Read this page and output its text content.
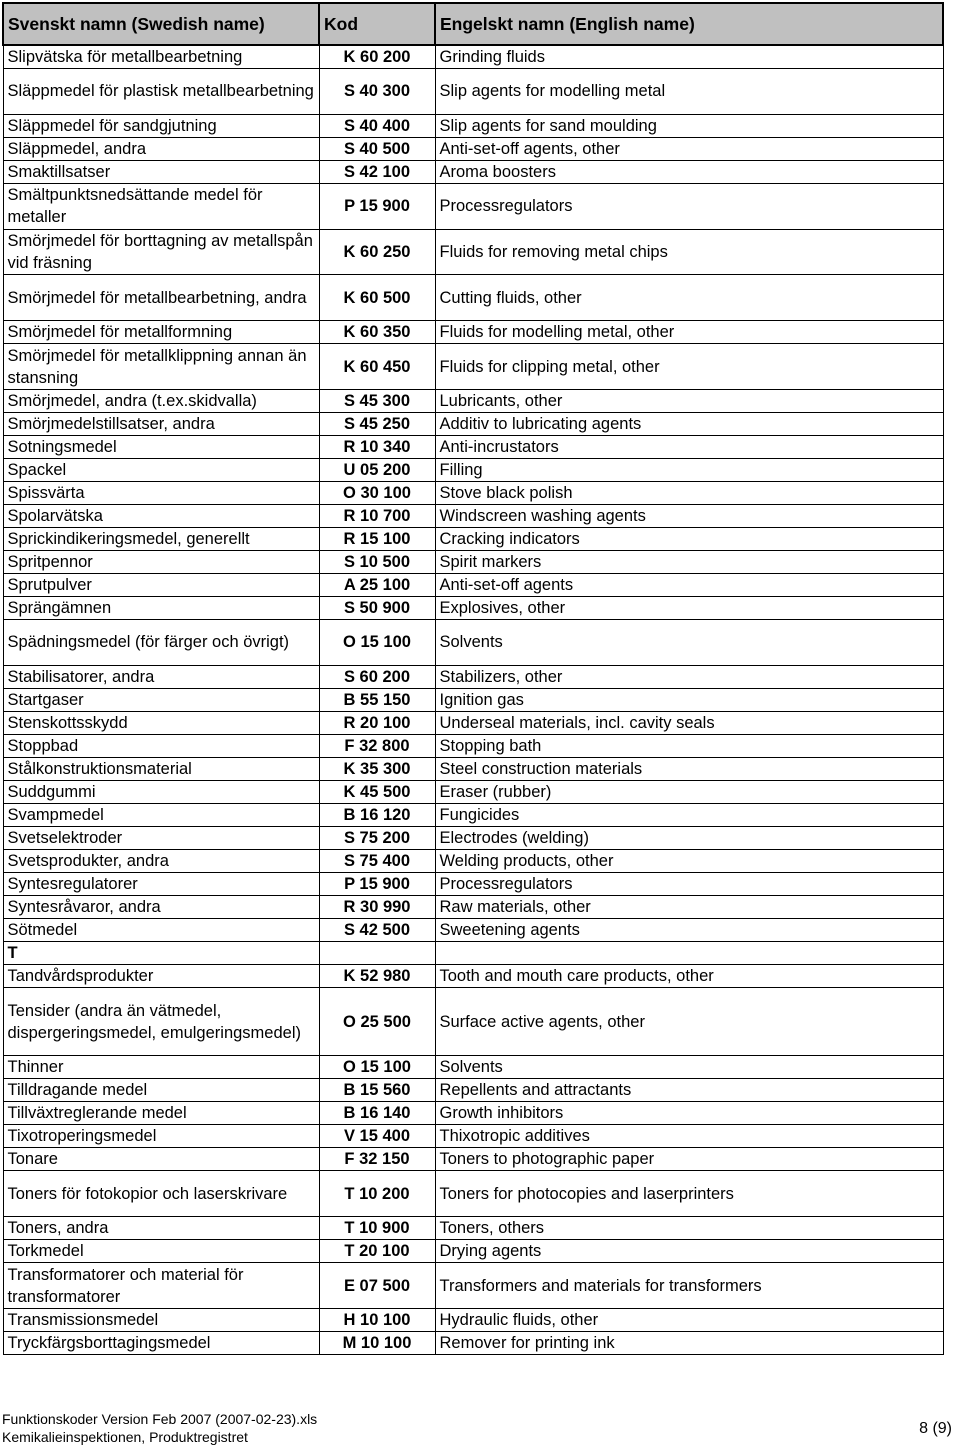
Svenskt namn (Swedish name)	Kod	Engelskt namn (English name)
Slipvätska för metallbearbetning	K 60 200	Grinding fluids
Släppmedel för plastisk metallbearbetning	S 40 300	Slip agents for modelling metal
Släppmedel för sandgjutning	S 40 400	Slip agents for sand moulding
Släppmedel, andra	S 40 500	Anti-set-off agents, other
Smaktillsatser	S 42 100	Aroma boosters
Smältpunktsnedsättande medel för metaller	P 15 900	Processregulators
Smörjmedel för borttagning av metallspån vid fräsning	K 60 250	Fluids for removing metal chips
Smörjmedel för metallbearbetning, andra	K 60 500	Cutting fluids, other
Smörjmedel för metallformning	K 60 350	Fluids for modelling metal, other
Smörjmedel för metallklippning annan än stansning	K 60 450	Fluids for clipping metal, other
Smörjmedel, andra (t.ex.skidvalla)	S 45 300	Lubricants, other
Smörjmedelstillsatser, andra	S 45 250	Additiv to lubricating agents
Sotningsmedel	R 10 340	Anti-incrustators
Spackel	U 05 200	Filling
Spissvärta	O 30 100	Stove black polish
Spolarvätska	R 10 700	Windscreen washing agents
Sprickindikeringsmedel, generellt	R 15 100	Cracking indicators
Spritpennor	S 10 500	Spirit markers
Sprutpulver	A 25 100	Anti-set-off agents
Sprängämnen	S 50 900	Explosives, other
Spädningsmedel (för färger och övrigt)	O 15 100	Solvents
Stabilisatorer, andra	S 60 200	Stabilizers, other
Startgaser	B 55 150	Ignition gas
Stenskottsskydd	R 20 100	Underseal materials, incl. cavity seals
Stoppbad	F 32 800	Stopping bath
Stålkonstruktionsmaterial	K 35 300	Steel construction materials
Suddgummi	K 45 500	Eraser (rubber)
Svampmedel	B 16 120	Fungicides
Svetselektroder	S 75 200	Electrodes (welding)
Svetsprodukter, andra	S 75 400	Welding products, other
Syntesregulatorer	P 15 900	Processregulators
Syntesråvaror, andra	R 30 990	Raw materials, other
Sötmedel	S 42 500	Sweetening agents
T		
Tandvårdsprodukter	K 52 980	Tooth and mouth care products, other
Tensider (andra än vätmedel, dispergeringsmedel, emulgeringsmedel)	O 25 500	Surface active agents, other
Thinner	O 15 100	Solvents
Tilldragande medel	B 15 560	Repellents and attractants
Tillväxtreglerande medel	B 16 140	Growth inhibitors
Tixotroperingsmedel	V 15 400	Thixotropic additives
Tonare	F 32 150	Toners to photographic paper
Toners för fotokopior och laserskrivare	T 10 200	Toners for photocopies and laserprinters
Toners, andra	T 10 900	Toners, others
Torkmedel	T 20 100	Drying agents
Transformatorer och material för transformatorer	E 07 500	Transformers and materials for transformers
Transmissionsmedel	H 10 100	Hydraulic fluids, other
Tryckfärgsborttagingsmedel	M 10 100	Remover for printing ink
Funktionskoder Version Feb 2007 (2007-02-23).xls
Kemikalieinspektionen, Produktregistret	8 (9)
